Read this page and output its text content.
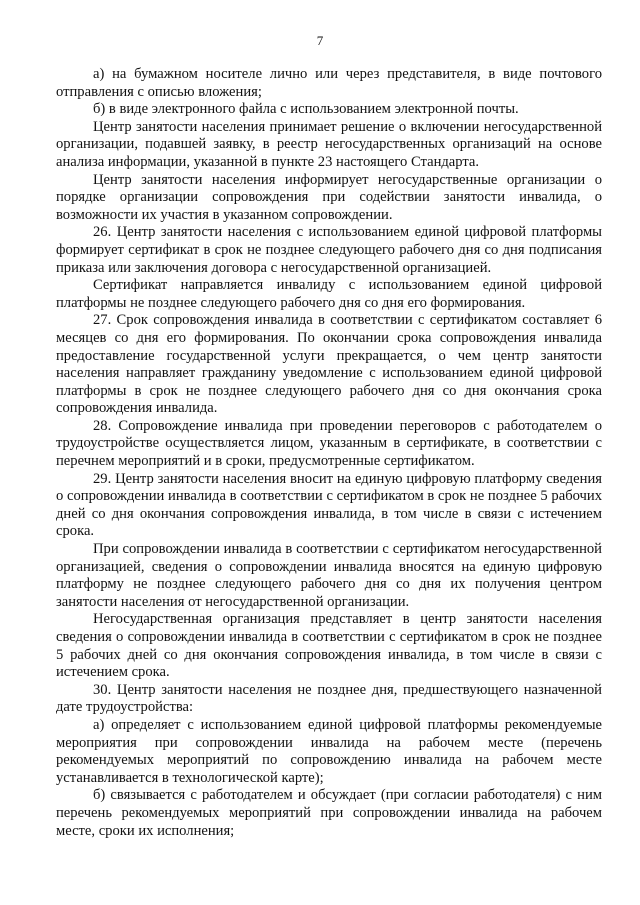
7

а) на бумажном носителе лично или через представителя, в виде почтового отправления с описью вложения;

б) в виде электронного файла с использованием электронной почты.

Центр занятости населения принимает решение о включении негосударственной организации, подавшей заявку, в реестр негосударственных организаций на основе анализа информации, указанной в пункте 23 настоящего Стандарта.

Центр занятости населения информирует негосударственные организации о порядке организации сопровождения при содействии занятости инвалида, о возможности их участия в указанном сопровождении.

26. Центр занятости населения с использованием единой цифровой платформы формирует сертификат в срок не позднее следующего рабочего дня со дня подписания приказа или заключения договора с негосударственной организацией.

Сертификат направляется инвалиду с использованием единой цифровой платформы не позднее следующего рабочего дня со дня его формирования.

27. Срок сопровождения инвалида в соответствии с сертификатом составляет 6 месяцев со дня его формирования. По окончании срока сопровождения инвалида предоставление государственной услуги прекращается, о чем центр занятости населения направляет гражданину уведомление с использованием единой цифровой платформы в срок не позднее следующего рабочего дня со дня окончания срока сопровождения инвалида.

28. Сопровождение инвалида при проведении переговоров с работодателем о трудоустройстве осуществляется лицом, указанным в сертификате, в соответствии с перечнем мероприятий и в сроки, предусмотренные сертификатом.

29. Центр занятости населения вносит на единую цифровую платформу сведения о сопровождении инвалида в соответствии с сертификатом в срок не позднее 5 рабочих дней со дня окончания сопровождения инвалида, в том числе в связи с истечением срока.

При сопровождении инвалида в соответствии с сертификатом негосударственной организацией, сведения о сопровождении инвалида вносятся на единую цифровую платформу не позднее следующего рабочего дня со дня их получения центром занятости населения от негосударственной организации.

Негосударственная организация представляет в центр занятости населения сведения о сопровождении инвалида в соответствии с сертификатом в срок не позднее 5 рабочих дней со дня окончания сопровождения инвалида, в том числе в связи с истечением срока.

30. Центр занятости населения не позднее дня, предшествующего назначенной дате трудоустройства:

а) определяет с использованием единой цифровой платформы рекомендуемые мероприятия при сопровождении инвалида на рабочем месте (перечень рекомендуемых мероприятий по сопровождению инвалида на рабочем месте устанавливается в технологической карте);

б) связывается с работодателем и обсуждает (при согласии работодателя) с ним перечень рекомендуемых мероприятий при сопровождении инвалида на рабочем месте, сроки их исполнения;
